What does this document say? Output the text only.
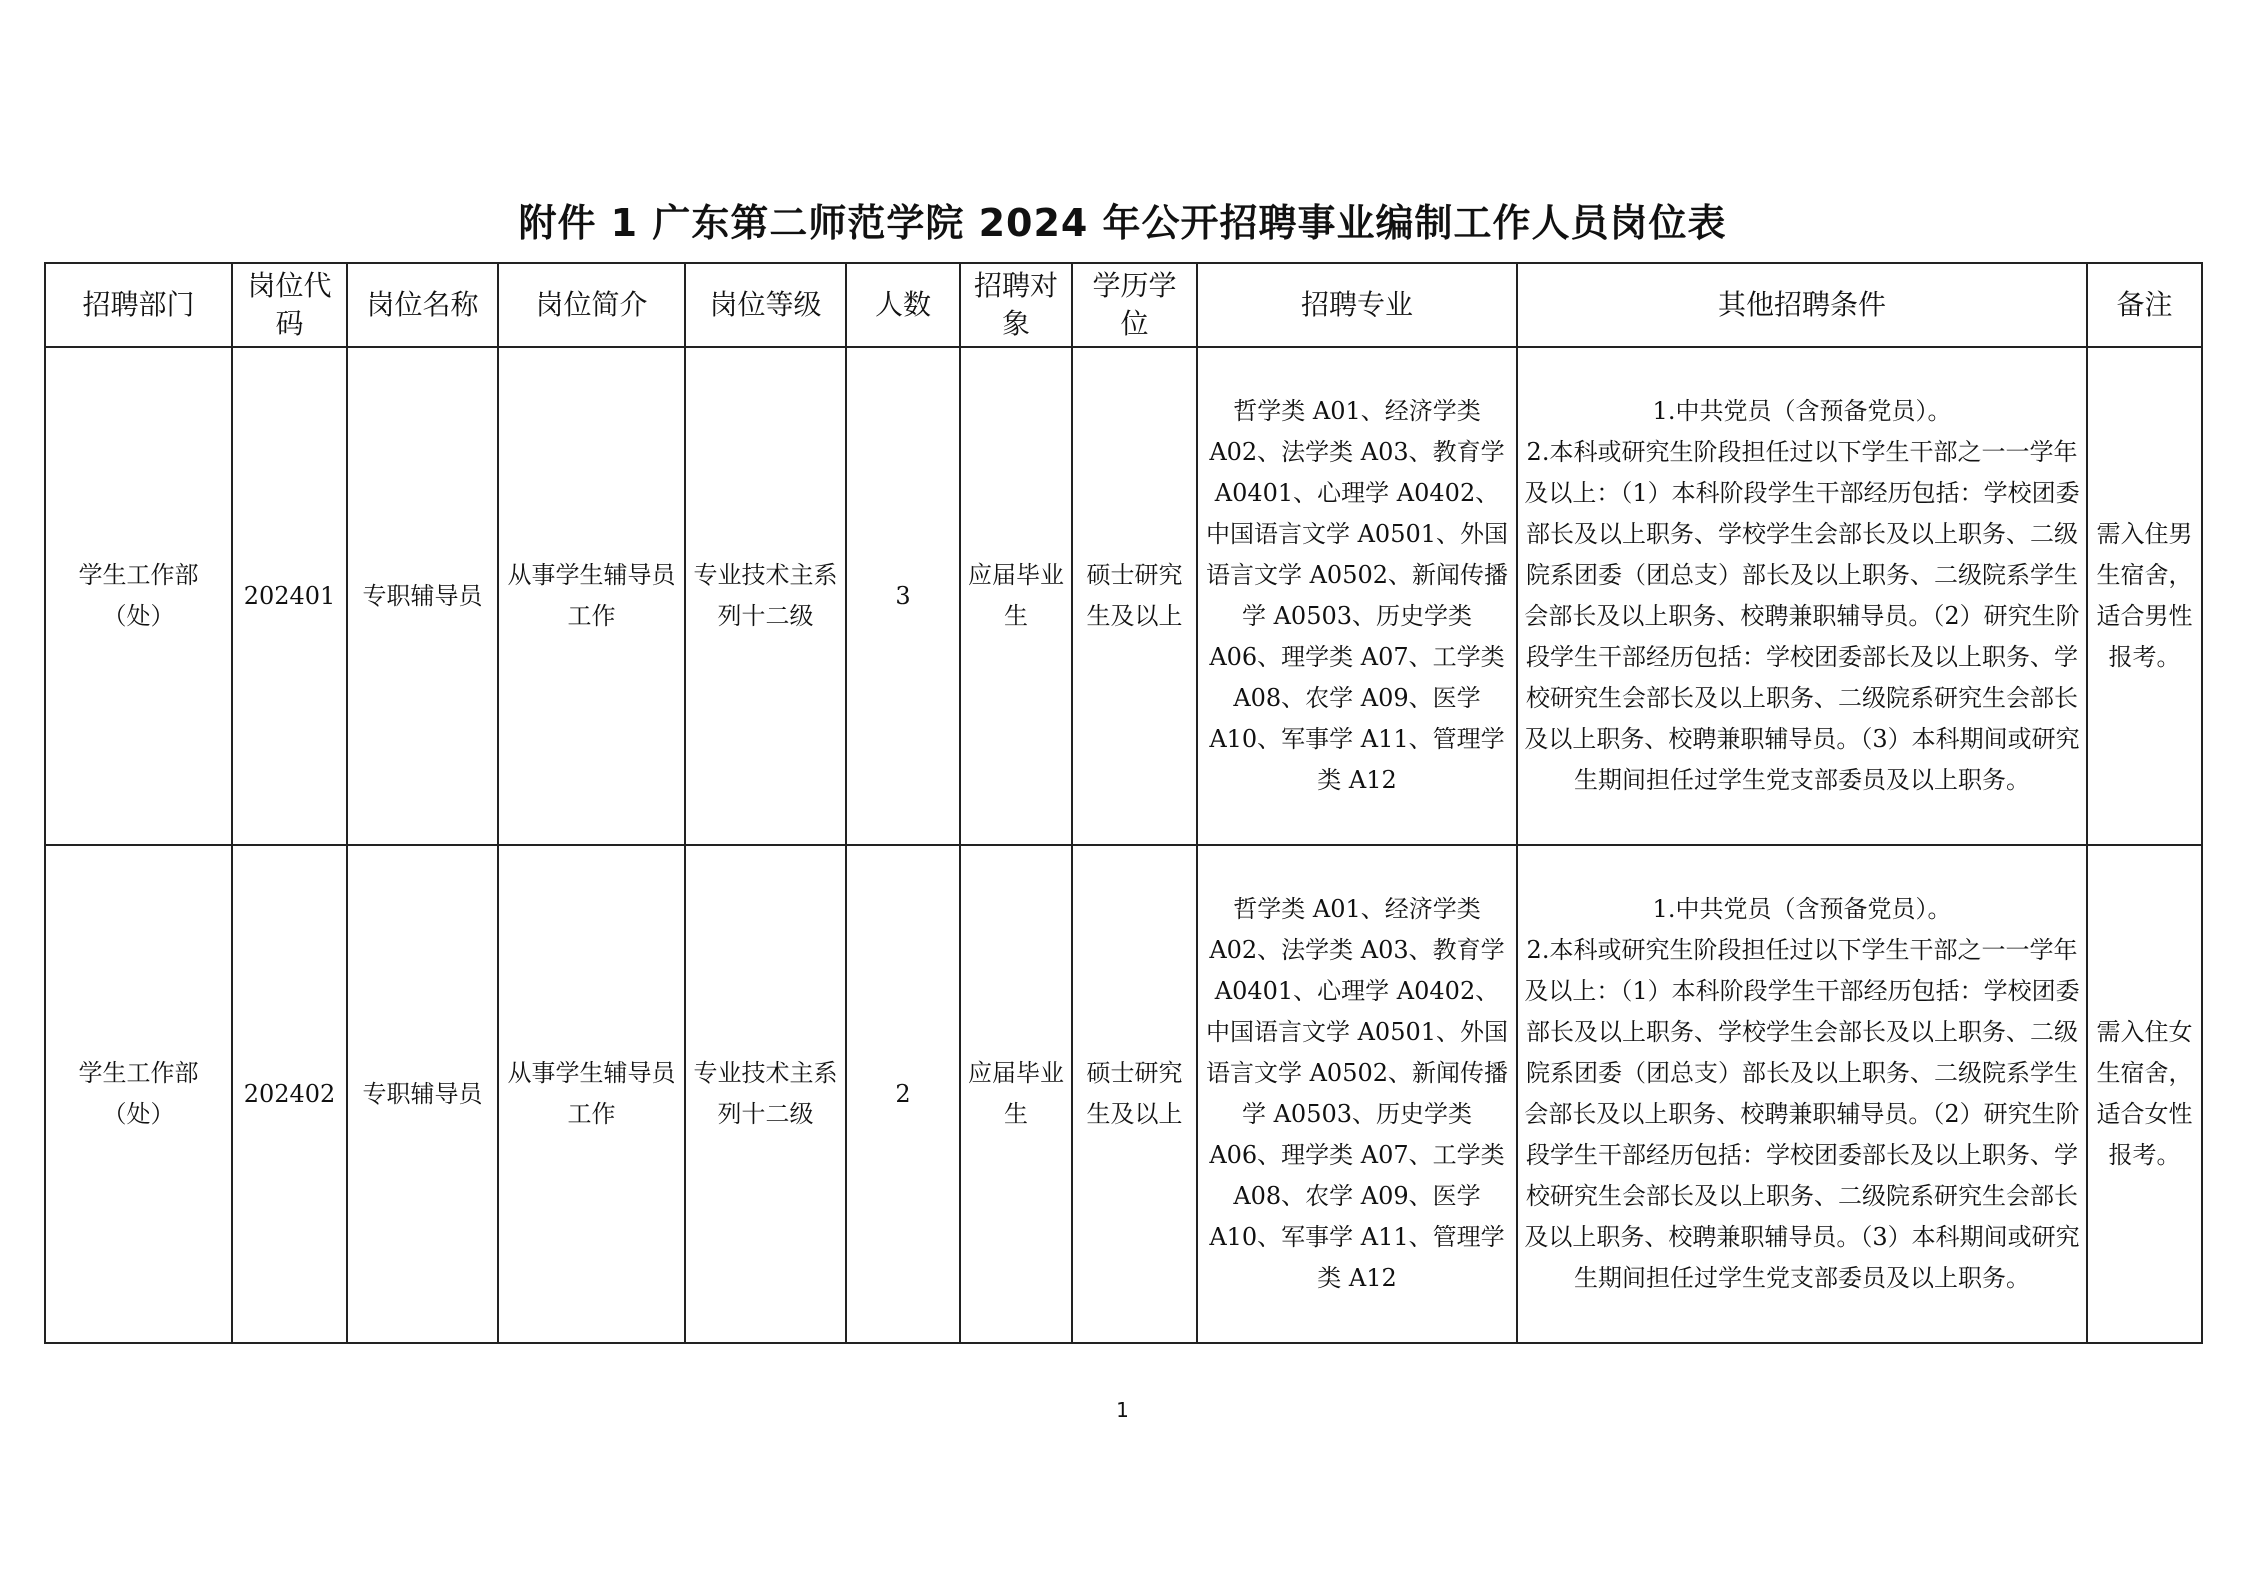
附件 1 广东第二师范学院 2024 年公开招聘事业编制工作人员岗位表
招聘部门	岗位代码	岗位名称	岗位简介	岗位等级	人数	招聘对象	学历学位	招聘专业	其他招聘条件	备注
学生工作部（处）	202401	专职辅导员	从事学生辅导员工作	专业技术主系列十二级	3	应届毕业生	硕士研究生及以上	哲学类 A01、经济学类 A02、法学类 A03、教育学 A0401、心理学 A0402、中国语言文学 A0501、外国语言文学 A0502、新闻传播学 A0503、历史学类 A06、理学类 A07、工学类 A08、农学 A09、医学 A10、军事学 A11、管理学类 A12	1.中共党员（含预备党员）。
2.本科或研究生阶段担任过以下学生干部之一一学年及以上：（1）本科阶段学生干部经历包括：学校团委部长及以上职务、学校学生会部长及以上职务、二级院系团委（团总支）部长及以上职务、二级院系学生会部长及以上职务、校聘兼职辅导员。（2）研究生阶段学生干部经历包括：学校团委部长及以上职务、学校研究生会部长及以上职务、二级院系研究生会部长及以上职务、校聘兼职辅导员。（3）本科期间或研究生期间担任过学生党支部委员及以上职务。	需入住男生宿舍，适合男性报考。
学生工作部（处）	202402	专职辅导员	从事学生辅导员工作	专业技术主系列十二级	2	应届毕业生	硕士研究生及以上	哲学类 A01、经济学类 A02、法学类 A03、教育学 A0401、心理学 A0402、中国语言文学 A0501、外国语言文学 A0502、新闻传播学 A0503、历史学类 A06、理学类 A07、工学类 A08、农学 A09、医学 A10、军事学 A11、管理学类 A12	1.中共党员（含预备党员）。
2.本科或研究生阶段担任过以下学生干部之一一学年及以上：（1）本科阶段学生干部经历包括：学校团委部长及以上职务、学校学生会部长及以上职务、二级院系团委（团总支）部长及以上职务、二级院系学生会部长及以上职务、校聘兼职辅导员。（2）研究生阶段学生干部经历包括：学校团委部长及以上职务、学校研究生会部长及以上职务、二级院系研究生会部长及以上职务、校聘兼职辅导员。（3）本科期间或研究生期间担任过学生党支部委员及以上职务。	需入住女生宿舍，适合女性报考。
1
